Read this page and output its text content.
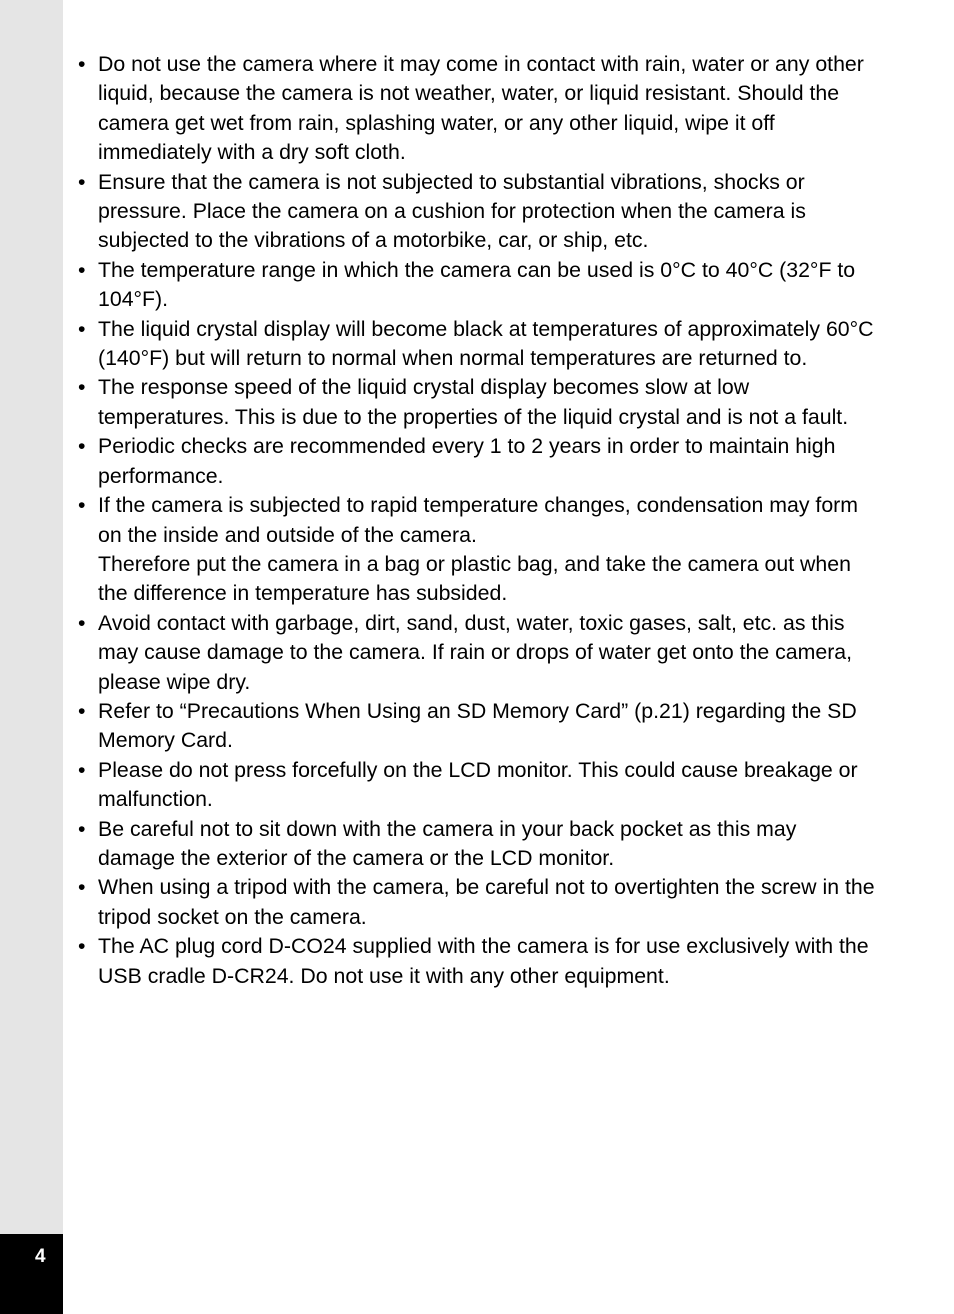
4
• Do not use the camera where it may come in contact with rain, water or any other liquid, because the camera is not weather, water, or liquid resistant. Should the camera get wet from rain, splashing water, or any other liquid, wipe it off immediately with a dry soft cloth.
• Ensure that the camera is not subjected to substantial vibrations, shocks or pressure. Place the camera on a cushion for protection when the camera is subjected to the vibrations of a motorbike, car, or ship, etc.
• The temperature range in which the camera can be used is 0°C to 40°C (32°F to 104°F).
• The liquid crystal display will become black at temperatures of approximately 60°C (140°F) but will return to normal when normal temperatures are returned to.
• The response speed of the liquid crystal display becomes slow at low temperatures. This is due to the properties of the liquid crystal and is not a fault.
• Periodic checks are recommended every 1 to 2 years in order to maintain high performance.
• If the camera is subjected to rapid temperature changes, condensation may form on the inside and outside of the camera.
Therefore put the camera in a bag or plastic bag, and take the camera out when the difference in temperature has subsided.
• Avoid contact with garbage, dirt, sand, dust, water, toxic gases, salt, etc. as this may cause damage to the camera. If rain or drops of water get onto the camera, please wipe dry.
• Refer to “Precautions When Using an SD Memory Card” (p.21) regarding the SD Memory Card.
• Please do not press forcefully on the LCD monitor. This could cause breakage or malfunction.
• Be careful not to sit down with the camera in your back pocket as this may damage the exterior of the camera or the LCD monitor.
• When using a tripod with the camera, be careful not to overtighten the screw in the tripod socket on the camera.
• The AC plug cord D-CO24 supplied with the camera is for use exclusively with the USB cradle D-CR24. Do not use it with any other equipment.
